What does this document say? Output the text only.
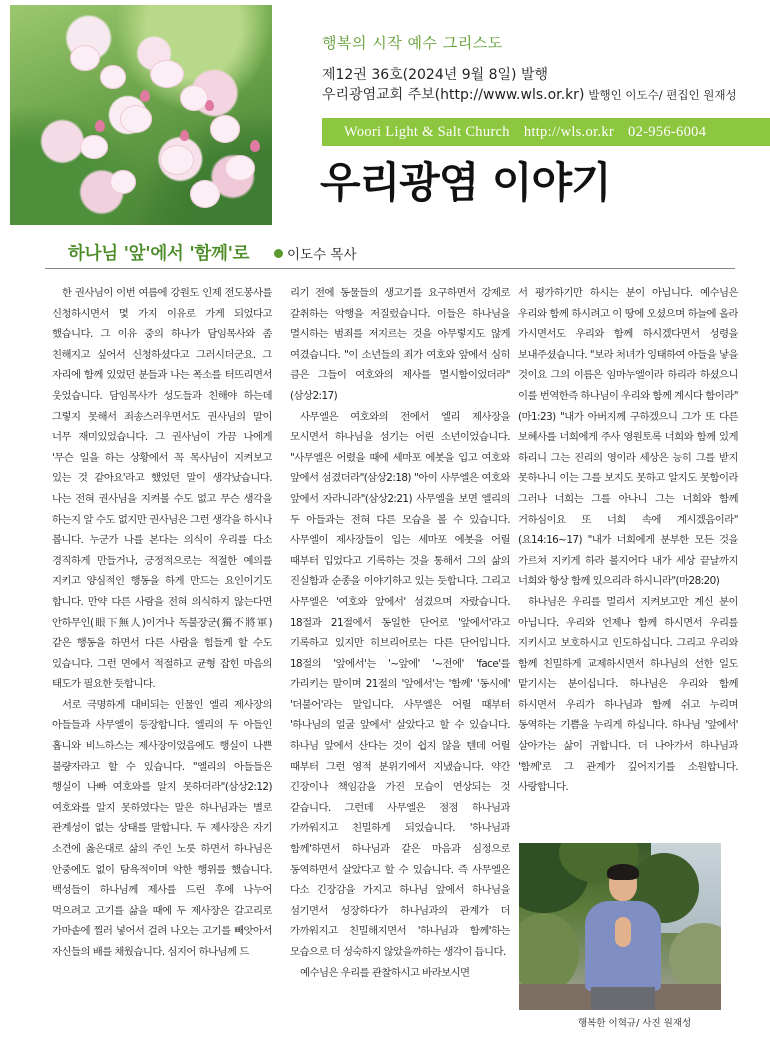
행복의 시작 예수 그리스도
제12권 36호(2024년 9월 8일) 발행
우리광염교회 주보(http://www.wls.or.kr) 발행인 이도수/ 편집인 원재성
Woori Light & Salt Church http://wls.or.kr 02-956-6004
우리광염 이야기
하나님 '앞'에서 '함께'로	이도수 목사

한 권사님이 이번 여름에 강원도 인제 전도봉사를 신청하시면서 몇 가지 이유로 가게 되었다고 했습니다. 그 이유 중의 하나가 담임목사와 좀 친해지고 싶어서 신청하셨다고 그러시더군요. 그 자리에 함께 있었던 분들과 나는 폭소를 터뜨리면서 웃었습니다. 담임목사가 성도들과 친해야 하는데 그렇지 못해서 죄송스러우면서도 권사님의 말이 너무 재미있었습니다. 그 권사님이 가끔 나에게 '무슨 일을 하는 상황에서 꼭 목사님이 지켜보고 있는 것 같아요'라고 했었던 말이 생각났습니다. 나는 전혀 권사님을 지켜볼 수도 없고 무슨 생각을 하는지 알 수도 없지만 권사님은 그런 생각을 하시나 봅니다. 누군가 나를 본다는 의식이 우리를 다소 경직하게 만들거나, 긍정적으로는 적절한 예의를 지키고 양심적인 행동을 하게 만드는 요인이기도 합니다. 만약 다른 사람을 전혀 의식하지 않는다면 안하무인(眼下無人)이거나 독불장군(獨不將軍) 같은 행동을 하면서 다른 사람을 힘들게 할 수도 있습니다. 그런 면에서 적절하고 균형 잡힌 마음의 태도가 필요한 듯합니다.

서로 극명하게 대비되는 인물인 엘리 제사장의 아들들과 사무엘이 등장합니다. 엘리의 두 아들인 홉니와 비느하스는 제사장이었음에도 행실이 나쁜 불량자라고 할 수 있습니다. "엘리의 아들들은 행실이 나빠 여호와를 알지 못하더라"(삼상2:12) 여호와를 알지 못하였다는 말은 하나님과는 별로 관계성이 없는 상태를 말합니다. 두 제사장은 자기 소견에 옳은대로 삶의 주인 노릇 하면서 하나님은 안중에도 없이 탐욕적이며 악한 행위를 했습니다. 백성들이 하나님께 제사를 드린 후에 나누어 먹으려고 고기를 삶을 때에 두 제사장은 갈고리로 가마솥에 찔러 넣어서 걸려 나오는 고기를 빼앗아서 자신들의 배를 채웠습니다. 심지어 하나님께 드

리기 전에 동물들의 생고기를 요구하면서 강제로 갈취하는 악행을 저질렀습니다. 이들은 하나님을 멸시하는 범죄를 저지르는 것을 아무렇지도 않게 여겼습니다. "이 소년들의 죄가 여호와 앞에서 심히 큼은 그들이 여호와의 제사를 멸시함이었더라"(삼상2:17)

사무엘은 여호와의 전에서 엘리 제사장을 모시면서 하나님을 섬기는 어린 소년이었습니다. "사무엘은 어렸을 때에 세마포 에봇을 입고 여호와 앞에서 섬겼더라"(삼상2:18) "아이 사무엘은 여호와 앞에서 자라니라"(삼상2:21) 사무엘을 보면 엘리의 두 아들과는 전혀 다른 모습을 볼 수 있습니다. 사무엘이 제사장들이 입는 세마포 에봇을 어릴 때부터 입었다고 기록하는 것을 통해서 그의 삶의 진실함과 순종을 이야기하고 있는 듯합니다. 그리고 사무엘은 '여호와 앞에서' 섬겼으며 자랐습니다. 18절과 21절에서 동일한 단어로 '앞에서'라고 기록하고 있지만 히브리어로는 다른 단어입니다. 18절의 '앞에서'는 '~앞에' '~전에' 'face'를 가리키는 말이며 21절의 '앞에서'는 '함께' '동시에' '더불어'라는 말입니다. 사무엘은 어릴 때부터 '하나님의 얼굴 앞에서' 살았다고 할 수 있습니다. 하나님 앞에서 산다는 것이 쉽지 않을 텐데 어릴 때부터 그런 영적 분위기에서 지냈습니다. 약간 긴장이나 책임감을 가진 모습이 연상되는 것 같습니다. 그런데 사무엘은 점점 하나님과 가까워지고 친밀하게 되었습니다. '하나님과 함께'하면서 하나님과 같은 마음과 심정으로 동역하면서 살았다고 할 수 있습니다. 즉 사무엘은 다소 긴장감을 가지고 하나님 앞에서 하나님을 섬기면서 성장하다가 하나님과의 관계가 더 가까워지고 친밀해지면서 '하나님과 함께'하는 모습으로 더 성숙하지 않았을까하는 생각이 듭니다.

예수님은 우리를 관찰하시고 바라보시면

서 평가하기만 하시는 분이 아닙니다. 예수님은 우리와 함께 하시려고 이 땅에 오셨으며 하늘에 올라 가시면서도 우리와 함께 하시겠다면서 성령을 보내주셨습니다. "보라 처녀가 잉태하여 아들을 낳을 것이요 그의 이름은 임마누엘이라 하리라 하셨으니 이를 번역한즉 하나님이 우리와 함께 계시다 함이라"(마1:23) "내가 아버지께 구하겠으니 그가 또 다른 보혜사를 너희에게 주사 영원토록 너희와 함께 있게 하리니 그는 진리의 영이라 세상은 능히 그를 받지 못하나니 이는 그를 보지도 못하고 알지도 못함이라 그러나 너희는 그를 아나니 그는 너희와 함께 거하심이요 또 너희 속에 계시겠음이라"(요14:16~17) "내가 너희에게 분부한 모든 것을 가르쳐 지키게 하라 볼지어다 내가 세상 끝날까지 너희와 항상 함께 있으리라 하시니라"(마28:20)

하나님은 우리를 멀리서 지켜보고만 계신 분이 아닙니다. 우리와 언제나 함께 하시면서 우리를 지키시고 보호하시고 인도하십니다. 그리고 우리와 함께 친밀하게 교제하시면서 하나님의 선한 일도 맡기시는 분이십니다. 하나님은 우리와 함께 하시면서 우리가 하나님과 함께 쉬고 누리며 동역하는 기쁨을 누리게 하십니다. 하나님 '앞에서' 살아가는 삶이 귀합니다. 더 나아가서 하나님과 '함께'로 그 관계가 깊어지기를 소원합니다. 사랑합니다.

행복한 이혁규/ 사진 원재성
